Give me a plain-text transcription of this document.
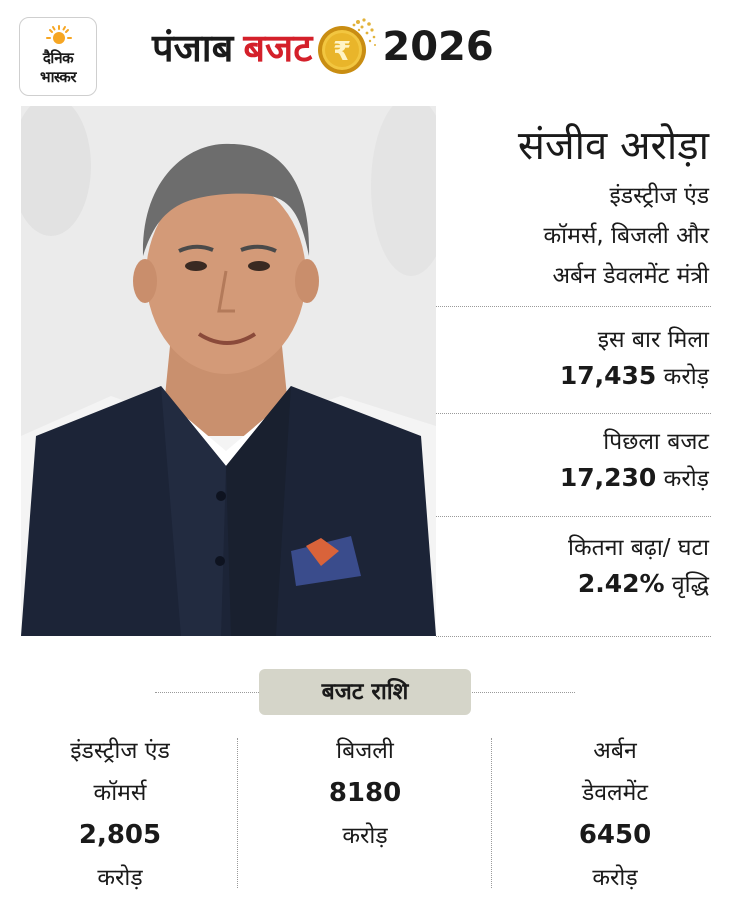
दैनिक
भास्कर
पंजाब बजट ₹ 2026
संजीव अरोड़ा
इंडस्ट्रीज एंड
कॉमर्स, बिजली और
अर्बन डेवलमेंट मंत्री
इस बार मिला
17,435 करोड़
पिछला बजट
17,230 करोड़
कितना बढ़ा/ घटा
2.42% वृद्धि
बजट राशि
इंडस्ट्रीज एंड
कॉमर्स
2,805
करोड़
बिजली
8180
करोड़
अर्बन
डेवलमेंट
6450
करोड़
